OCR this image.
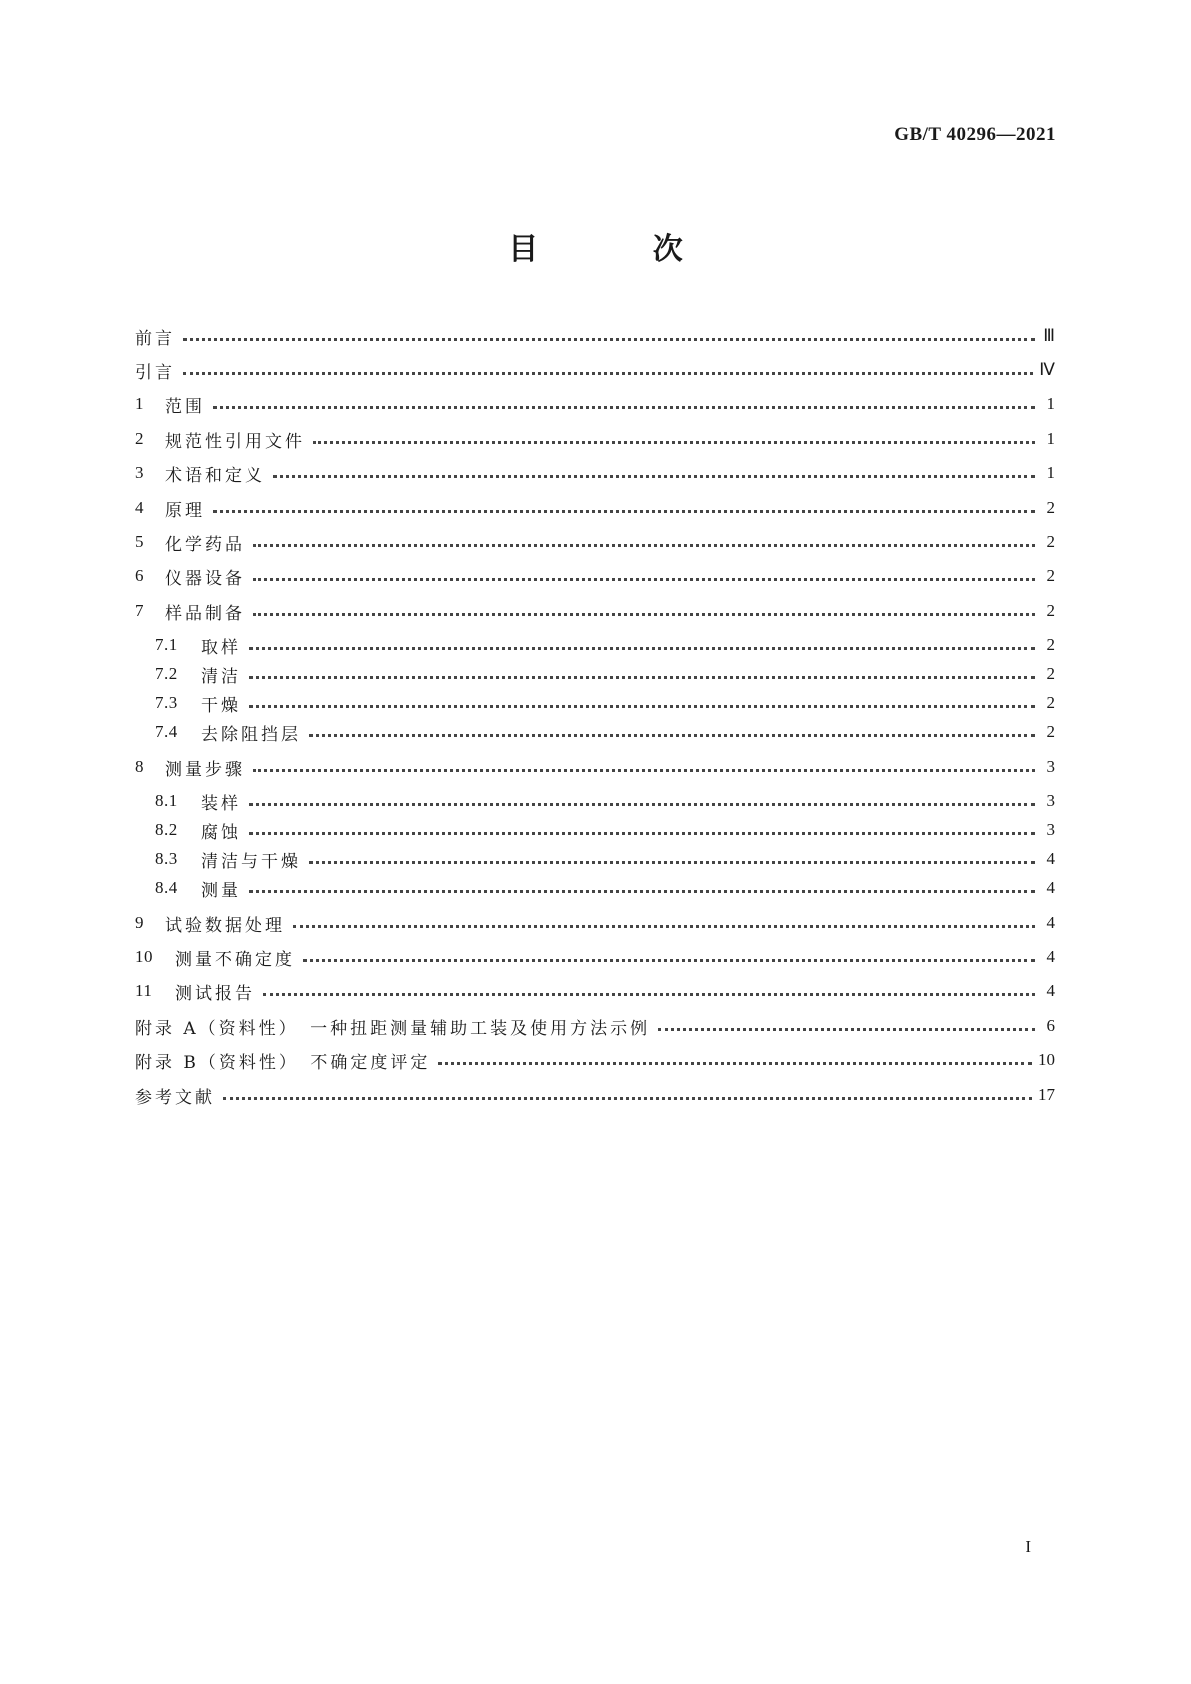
GB/T 40296—2021
目 次
前言	Ⅲ
引言	Ⅳ
1	范围	1
2	规范性引用文件	1
3	术语和定义	1
4	原理	2
5	化学药品	2
6	仪器设备	2
7	样品制备	2
7.1	取样	2
7.2	清洁	2
7.3	干燥	2
7.4	去除阻挡层	2
8	测量步骤	3
8.1	装样	3
8.2	腐蚀	3
8.3	清洁与干燥	4
8.4	测量	4
9	试验数据处理	4
10	测量不确定度	4
11	测试报告	4
附录 A（资料性）　一种扭距测量辅助工装及使用方法示例	6
附录 B（资料性）　不确定度评定	10
参考文献	17
I
